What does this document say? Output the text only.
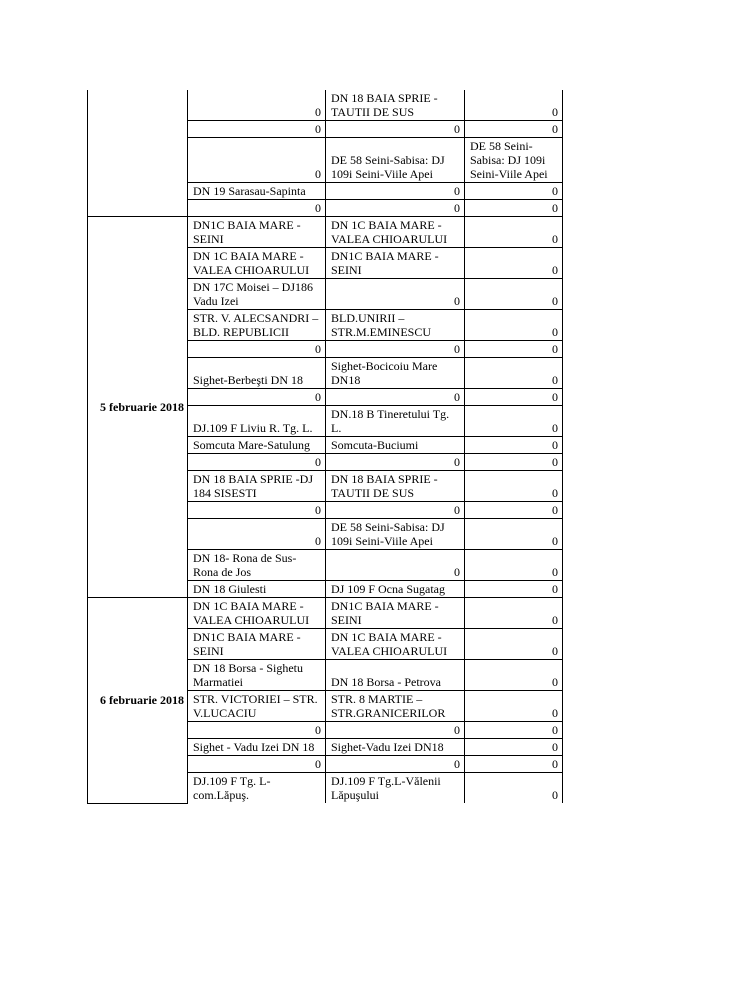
	0	DN 18 BAIA SPRIE - TAUTII DE SUS	0
	0	0	0
	0	DE 58 Seini-Sabisa: DJ 109i Seini-Viile Apei	DE 58 Seini-Sabisa: DJ 109i Seini-Viile Apei
	DN 19 Sarasau-Sapinta	0	0
	0	0	0
5 februarie 2018	DN1C BAIA MARE - SEINI	DN 1C BAIA MARE - VALEA CHIOARULUI	0
	DN 1C BAIA MARE - VALEA CHIOARULUI	DN1C BAIA MARE - SEINI	0
	DN 17C Moisei – DJ186 Vadu Izei	0	0
	STR. V. ALECSANDRI – BLD. REPUBLICII	BLD.UNIRII – STR.M.EMINESCU	0
	0	0	0
	Sighet-Berbeşti DN 18	Sighet-Bocicoiu Mare DN18	0
	0	0	0
	DJ.109 F Liviu R. Tg. L.	DN.18 B Tineretului Tg. L.	0
	Somcuta Mare-Satulung	Somcuta-Buciumi	0
	0	0	0
	DN 18 BAIA SPRIE -DJ 184 SISESTI	DN 18 BAIA SPRIE - TAUTII DE SUS	0
	0	0	0
	0	DE 58 Seini-Sabisa: DJ 109i Seini-Viile Apei	0
	DN 18- Rona de Sus-Rona de Jos	0	0
	DN 18 Giulesti	DJ 109 F Ocna Sugatag	0
6 februarie 2018	DN 1C BAIA MARE - VALEA CHIOARULUI	DN1C BAIA MARE - SEINI	0
	DN1C BAIA MARE - SEINI	DN 1C BAIA MARE - VALEA CHIOARULUI	0
	DN 18 Borsa - Sighetu Marmatiei	DN 18 Borsa - Petrova	0
	STR. VICTORIEI – STR. V.LUCACIU	STR. 8 MARTIE – STR.GRANICERILOR	0
	0	0	0
	Sighet - Vadu Izei DN 18	Sighet-Vadu Izei DN18	0
	0	0	0
	DJ.109 F Tg. L-com.Lăpuş.	DJ.109 F Tg.L-Vălenii Lăpuşului	0
